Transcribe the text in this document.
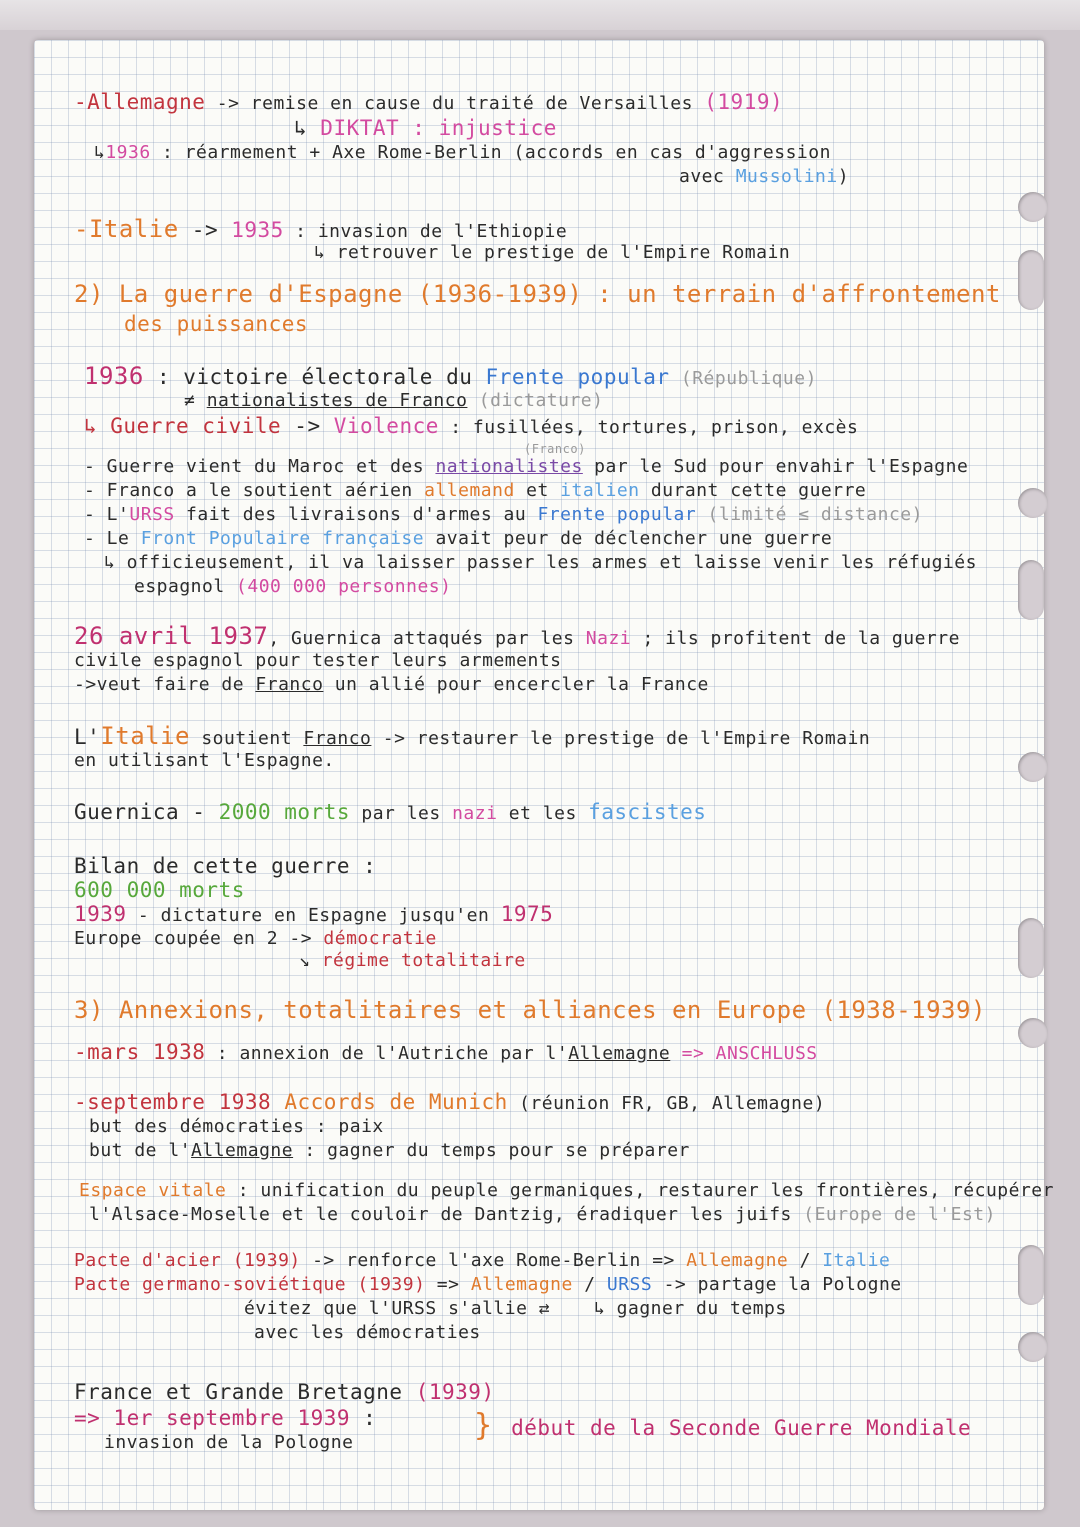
-Allemagne -> remise en cause du traité de Versailles (1919)
↳ DIKTAT : injustice
↳1936 : réarmement + Axe Rome-Berlin (accords en cas d'aggression
avec Mussolini)
-Italie -> 1935 : invasion de l'Ethiopie
↳ retrouver le prestige de l'Empire Romain
2) La guerre d'Espagne (1936-1939) : un terrain d'affrontement
des puissances
1936 : victoire électorale du Frente popular (République)
≠ nationalistes de Franco (dictature)
↳ Guerre civile -> Violence : fusillées, tortures, prison, excès
(Franco)
- Guerre vient du Maroc et des nationalistes par le Sud pour envahir l'Espagne
- Franco a le soutient aérien allemand et italien durant cette guerre
- L'URSS fait des livraisons d'armes au Frente popular (limité ≤ distance)
- Le Front Populaire française avait peur de déclencher une guerre
↳ officieusement, il va laisser passer les armes et laisse venir les réfugiés
espagnol (400 000 personnes)
26 avril 1937, Guernica attaqués par les Nazi ; ils profitent de la guerre
civile espagnol pour tester leurs armements
->veut faire de Franco un allié pour encercler la France
L'Italie soutient Franco -> restaurer le prestige de l'Empire Romain
en utilisant l'Espagne.
Guernica - 2000 morts par les nazi et les fascistes
Bilan de cette guerre :
600 000 morts
1939 - dictature en Espagne jusqu'en 1975
Europe coupée en 2 -> démocratie
↘ régime totalitaire
3) Annexions, totalitaires et alliances en Europe (1938-1939)
-mars 1938 : annexion de l'Autriche par l'Allemagne => ANSCHLUSS
-septembre 1938 Accords de Munich (réunion FR, GB, Allemagne)
but des démocraties : paix
but de l'Allemagne : gagner du temps pour se préparer
Espace vitale : unification du peuple germaniques, restaurer les frontières, récupérer
l'Alsace-Moselle et le couloir de Dantzig, éradiquer les juifs (Europe de l'Est)
Pacte d'acier (1939) -> renforce l'axe Rome-Berlin => Allemagne / Italie
Pacte germano-soviétique (1939) => Allemagne / URSS -> partage la Pologne
évitez que l'URSS s'allie ⇄ ↳ gagner du temps
avec les démocraties
France et Grande Bretagne (1939)
=> 1er septembre 1939 :
invasion de la Pologne	} début de la Seconde Guerre Mondiale
